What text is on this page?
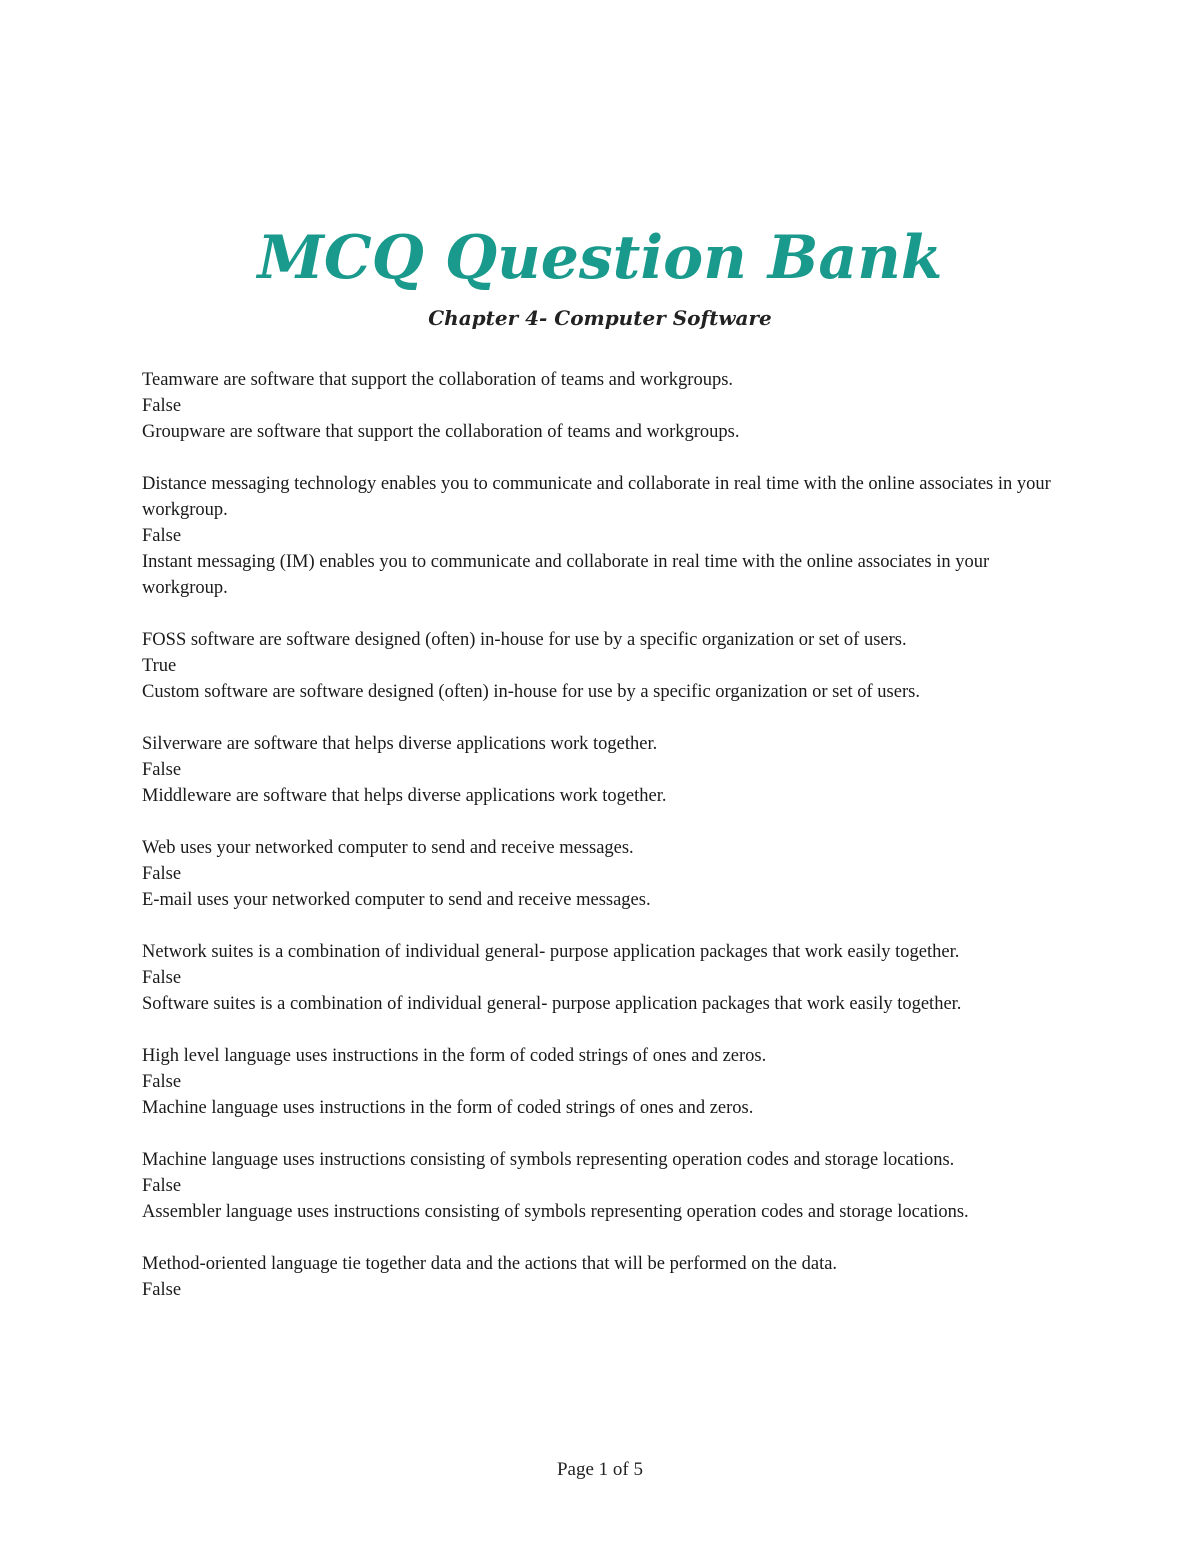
MCQ Question Bank
Chapter 4- Computer Software

Teamware are software that support the collaboration of teams and workgroups.

False

Groupware are software that support the collaboration of teams and workgroups.

Distance messaging technology enables you to communicate and collaborate in real time with the online associates in your workgroup.

False

Instant messaging (IM) enables you to communicate and collaborate in real time with the online associates in your workgroup.

FOSS software are software designed (often) in-house for use by a specific organization or set of users.

True

Custom software are software designed (often) in-house for use by a specific organization or set of users.

Silverware are software that helps diverse applications work together.

False

Middleware are software that helps diverse applications work together.

Web uses your networked computer to send and receive messages.

False

E-mail uses your networked computer to send and receive messages.

Network suites is a combination of individual general- purpose application packages that work easily together.

False

Software suites is a combination of individual general- purpose application packages that work easily together.

High level language uses instructions in the form of coded strings of ones and zeros.

False

Machine language uses instructions in the form of coded strings of ones and zeros.

Machine language uses instructions consisting of symbols representing operation codes and storage locations.

False

Assembler language uses instructions consisting of symbols representing operation codes and storage locations.

Method-oriented language tie together data and the actions that will be performed on the data.

False

Page 1 of 5
